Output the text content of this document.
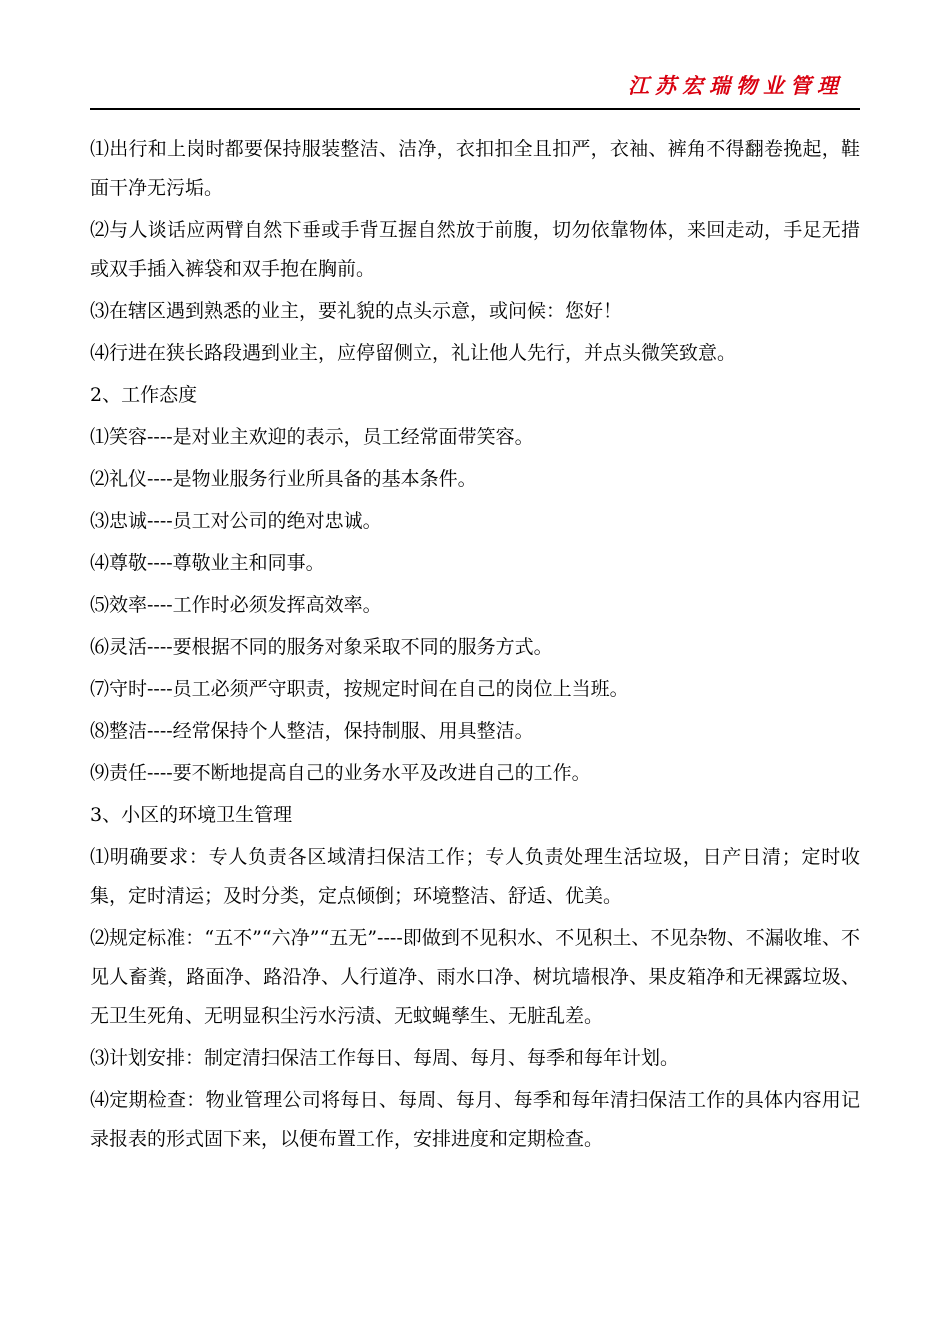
江苏宏瑞物业管理

⑴出行和上岗时都要保持服装整洁、洁净，衣扣扣全且扣严，衣袖、裤角不得翻卷挽起，鞋面干净无污垢。

⑵与人谈话应两臂自然下垂或手背互握自然放于前腹，切勿依靠物体，来回走动，手足无措或双手插入裤袋和双手抱在胸前。

⑶在辖区遇到熟悉的业主，要礼貌的点头示意，或问候：您好！

⑷行进在狭长路段遇到业主，应停留侧立，礼让他人先行，并点头微笑致意。

2、工作态度

⑴笑容----是对业主欢迎的表示，员工经常面带笑容。

⑵礼仪----是物业服务行业所具备的基本条件。

⑶忠诚----员工对公司的绝对忠诚。

⑷尊敬----尊敬业主和同事。

⑸效率----工作时必须发挥高效率。

⑹灵活----要根据不同的服务对象采取不同的服务方式。

⑺守时----员工必须严守职责，按规定时间在自己的岗位上当班。

⑻整洁----经常保持个人整洁，保持制服、用具整洁。

⑼责任----要不断地提高自己的业务水平及改进自己的工作。

3、小区的环境卫生管理

⑴明确要求：专人负责各区域清扫保洁工作；专人负责处理生活垃圾，日产日清；定时收集，定时清运；及时分类，定点倾倒；环境整洁、舒适、优美。

⑵规定标准：“五不”“六净”“五无”----即做到不见积水、不见积土、不见杂物、不漏收堆、不见人畜粪，路面净、路沿净、人行道净、雨水口净、树坑墙根净、果皮箱净和无裸露垃圾、无卫生死角、无明显积尘污水污渍、无蚊蝇孳生、无脏乱差。

⑶计划安排：制定清扫保洁工作每日、每周、每月、每季和每年计划。

⑷定期检查：物业管理公司将每日、每周、每月、每季和每年清扫保洁工作的具体内容用记录报表的形式固下来，以便布置工作，安排进度和定期检查。
